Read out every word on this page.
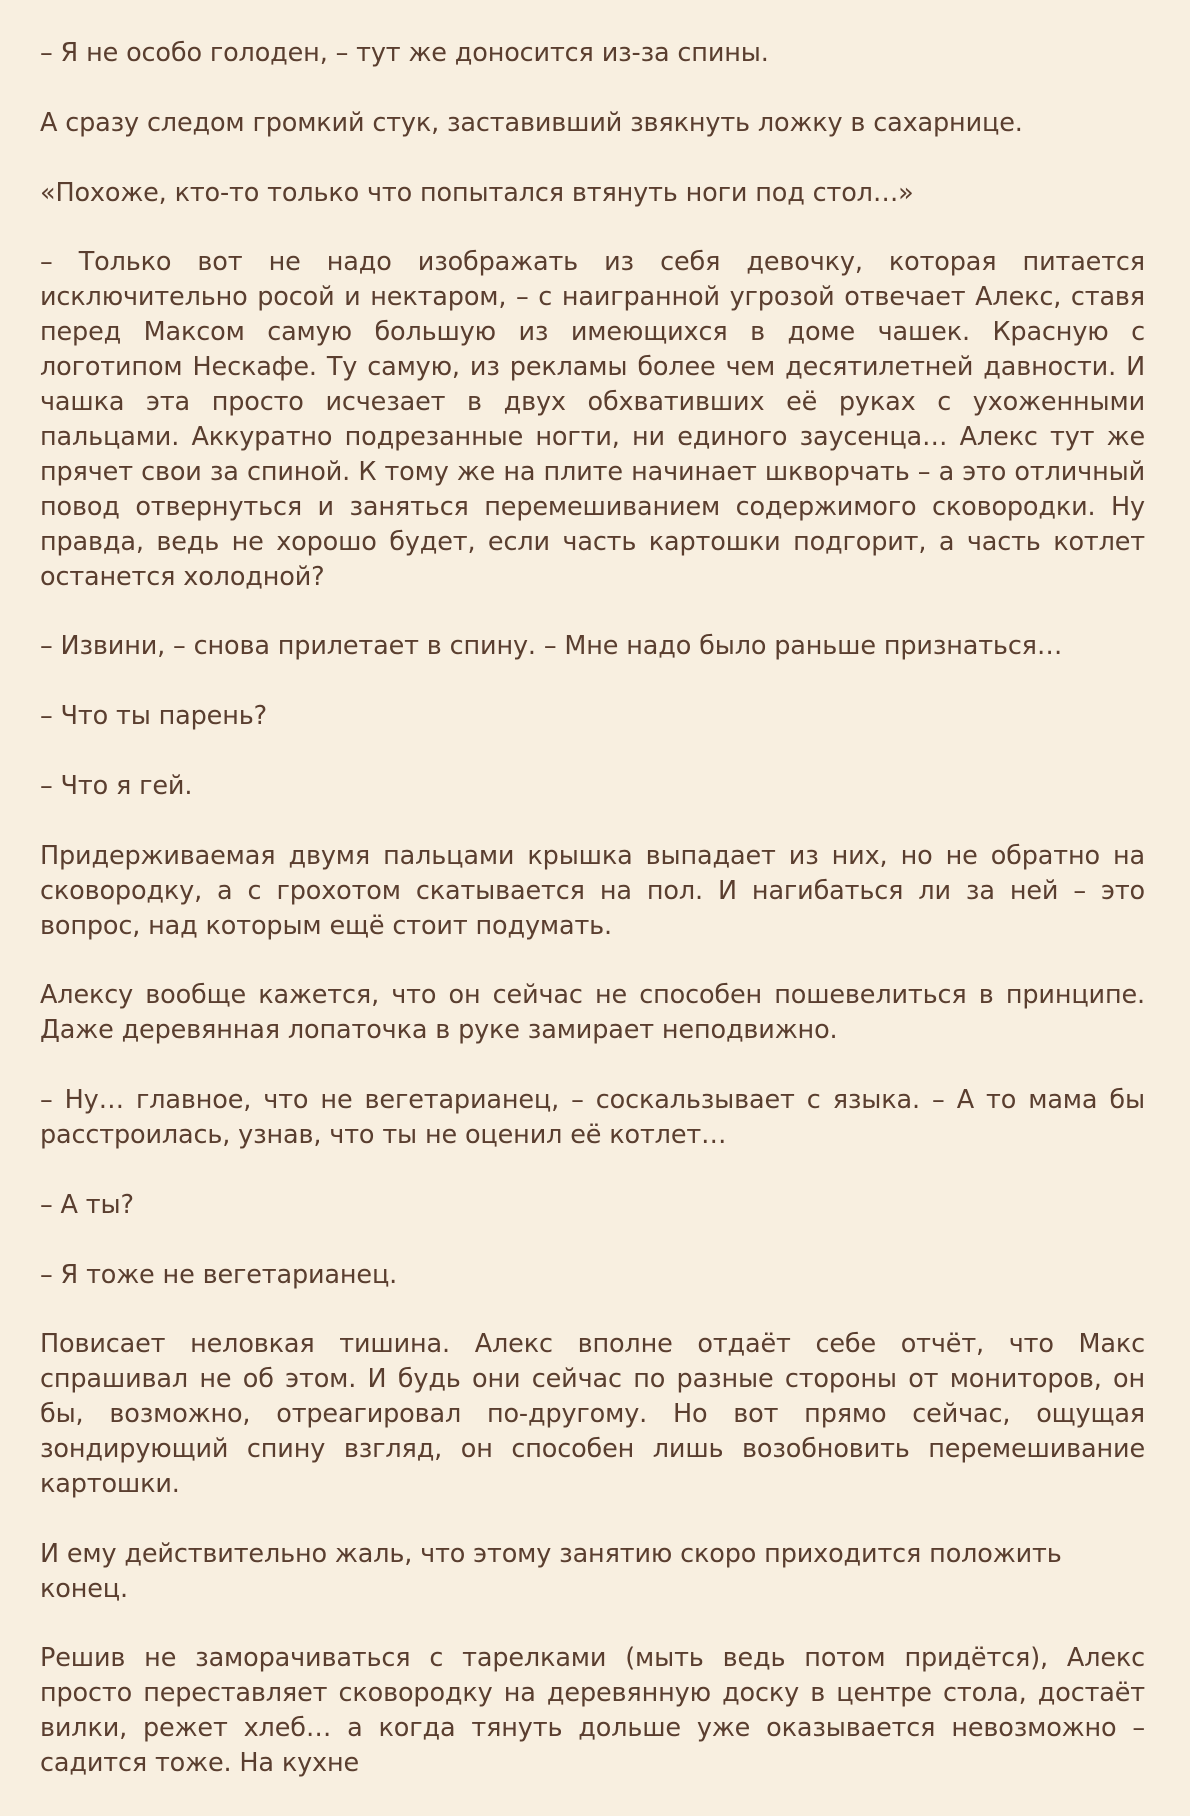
– Я не особо голоден, – тут же доносится из-за спины.

А сразу следом громкий стук, заставивший звякнуть ложку в сахарнице.

«Похоже, кто-то только что попытался втянуть ноги под стол…»

– Только вот не надо изображать из себя девочку, которая питается исключительно росой и нектаром, – с наигранной угрозой отвечает Алекс, ставя перед Максом самую большую из имеющихся в доме чашек. Красную с логотипом Нескафе. Ту самую, из рекламы более чем десятилетней давности. И чашка эта просто исчезает в двух обхвативших её руках с ухоженными пальцами. Аккуратно подрезанные ногти, ни единого заусенца… Алекс тут же прячет свои за спиной. К тому же на плите начинает шкворчать – а это отличный повод отвернуться и заняться перемешиванием содержимого сковородки. Ну правда, ведь не хорошо будет, если часть картошки подгорит, а часть котлет останется холодной?

– Извини, – снова прилетает в спину. – Мне надо было раньше признаться…

– Что ты парень?

– Что я гей.

Придерживаемая двумя пальцами крышка выпадает из них, но не обратно на сковородку, а с грохотом скатывается на пол. И нагибаться ли за ней – это вопрос, над которым ещё стоит подумать.

Алексу вообще кажется, что он сейчас не способен пошевелиться в принципе. Даже деревянная лопаточка в руке замирает неподвижно.

– Ну… главное, что не вегетарианец, – соскальзывает с языка. – А то мама бы расстроилась, узнав, что ты не оценил её котлет…

– А ты?

– Я тоже не вегетарианец.

Повисает неловкая тишина. Алекс вполне отдаёт себе отчёт, что Макс спрашивал не об этом. И будь они сейчас по разные стороны от мониторов, он бы, возможно, отреагировал по-другому. Но вот прямо сейчас, ощущая зондирующий спину взгляд, он способен лишь возобновить перемешивание картошки.

И ему действительно жаль, что этому занятию скоро приходится положить конец.

Решив не заморачиваться с тарелками (мыть ведь потом придётся), Алекс просто переставляет сковородку на деревянную доску в центре стола, достаёт вилки, режет хлеб… а когда тянуть дольше уже оказывается невозможно – садится тоже. На кухне
